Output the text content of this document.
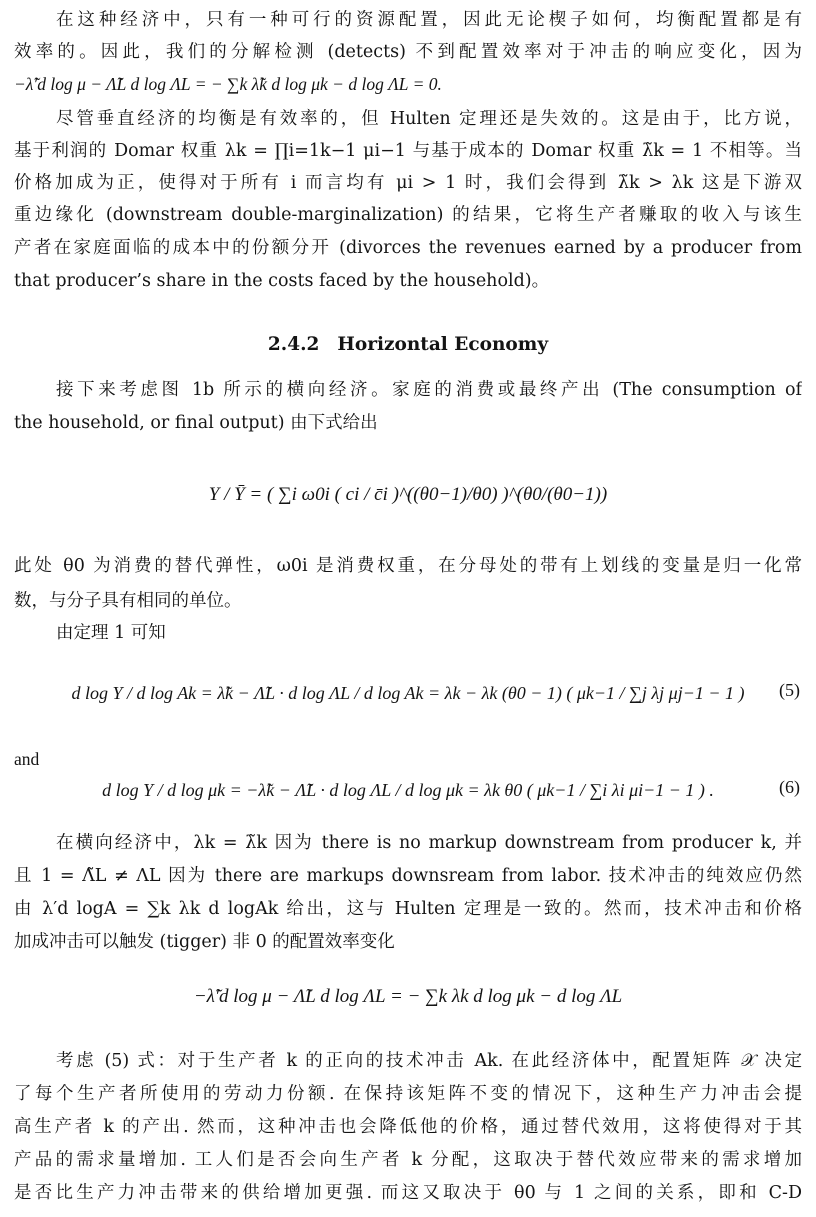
在这种经济中，只有一种可行的资源配置，因此无论楔子如何，均衡配置都是有
效率的。因此，我们的分解检测 (detects) 不到配置效率对于冲击的响应变化，因为
−λ̃′d log μ − Λ̃L d log ΛL = − ∑k λ̃k d log μk − d log ΛL = 0.
尽管垂直经济的均衡是有效率的，但 Hulten 定理还是失效的。这是由于，比方说，
基于利润的 Domar 权重 λk = ∏i=1k−1 μi−1 与基于成本的 Domar 权重 λ̃k = 1 不相等。当
价格加成为正，使得对于所有 i 而言均有 μi > 1 时，我们会得到 λ̃k > λk 这是下游双
重边缘化 (downstream double-marginalization) 的结果，它将生产者赚取的收入与该生
产者在家庭面临的成本中的份额分开 (divorces the revenues earned by a producer from
that producer’s share in the costs faced by the household)。
2.4.2 Horizontal Economy
接下来考虑图 1b 所示的横向经济。家庭的消费或最终产出 (The consumption of
the household, or final output) 由下式给出
Y / Ȳ = ( ∑i ω0i ( ci / c̄i )^((θ0−1)/θ0) )^(θ0/(θ0−1))
此处 θ0 为消费的替代弹性，ω0i 是消费权重，在分母处的带有上划线的变量是归一化常
数，与分子具有相同的单位。
由定理 1 可知
d log Y / d log Ak = λ̃k − Λ̃L · d log ΛL / d log Ak = λk − λk (θ0 − 1) ( μk−1 / ∑j λj μj−1 − 1 )	(5)
and
d log Y / d log μk = −λ̃k − Λ̃L · d log ΛL / d log μk = λk θ0 ( μk−1 / ∑i λi μi−1 − 1 ) .	(6)
在横向经济中，λk = λ̃k 因为 there is no markup downstream from producer k, 并
且 1 = Λ̃L ≠ ΛL 因为 there are markups downsream from labor. 技术冲击的纯效应仍然
由 λ′d logA = ∑k λk d logAk 给出，这与 Hulten 定理是一致的。然而，技术冲击和价格
加成冲击可以触发 (tigger) 非 0 的配置效率变化
−λ̃′d log μ − Λ̃L d log ΛL = − ∑k λk d log μk − d log ΛL
考虑 (5) 式：对于生产者 k 的正向的技术冲击 Ak. 在此经济体中，配置矩阵 𝒳 决定
了每个生产者所使用的劳动力份额. 在保持该矩阵不变的情况下，这种生产力冲击会提
高生产者 k 的产出. 然而，这种冲击也会降低他的价格，通过替代效用，这将使得对于其
产品的需求量增加. 工人们是否会向生产者 k 分配，这取决于替代效应带来的需求增加
是否比生产力冲击带来的供给增加更强. 而这又取决于 θ0 与 1 之间的关系，即和 C-D
